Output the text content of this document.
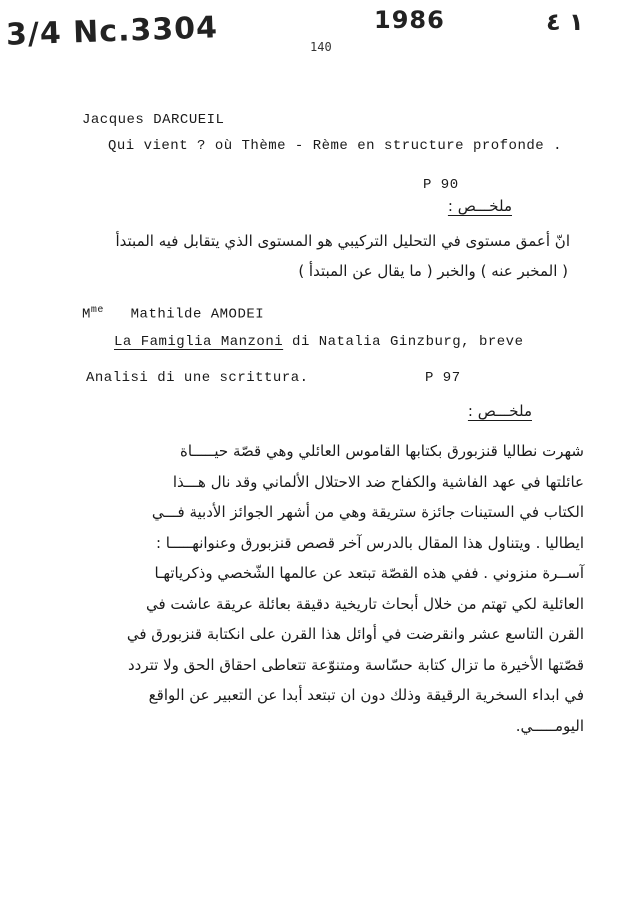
3/4 Nc.3304	1986	١ ٤
140
Jacques DARCUEIL
Qui vient ? où Thème - Rème en structure profonde .
P 90
ملخـــص :
انّ أعمق مستوى في التحليل التركيبي هو المستوى الذي يتقابل فيه المبتدأ
( المخبر عنه ) والخبر ( ما يقال عن المبتدأ )
$M^{me}$ Mathilde AMODEI
La Famiglia Manzoni di Natalia Ginzburg, breve
Analisi di une scrittura.	P 97
ملخـــص :
شهرت نطاليا قنزبورق بكتابها القاموس العائلي وهي قصّة حيـــــاة
عائلتها في عهد الفاشية والكفاح ضد الاحتلال الألماني وقد نال هـــذا
الكتاب في الستينات جائزة ستريقة وهي من أشهر الجوائز الأدبية فـــي
ايطاليا . ويتناول هذا المقال بالدرس آخر قصص قنزبورق وعنوانهـــــا :
آســرة منزوني . ففي هذه القصّة تبتعد عن عالمها الشّخصي وذكرياتهـا
العائلية لكي تهتم من خلال أبحاث تاريخية دقيقة بعائلة عريقة عاشت في
القرن التاسع عشر وانقرضت في أوائل هذا القرن على انكتابة قنزبورق في
قصّتها الأخيرة ما تزال كتابة حسّاسة ومتنوّعة تتعاطى احقاق الحق ولا تتردد
في ابداء السخرية الرقيقة وذلك دون ان تبتعد أبدا عن التعبير عن الواقع
اليومـــــي.
